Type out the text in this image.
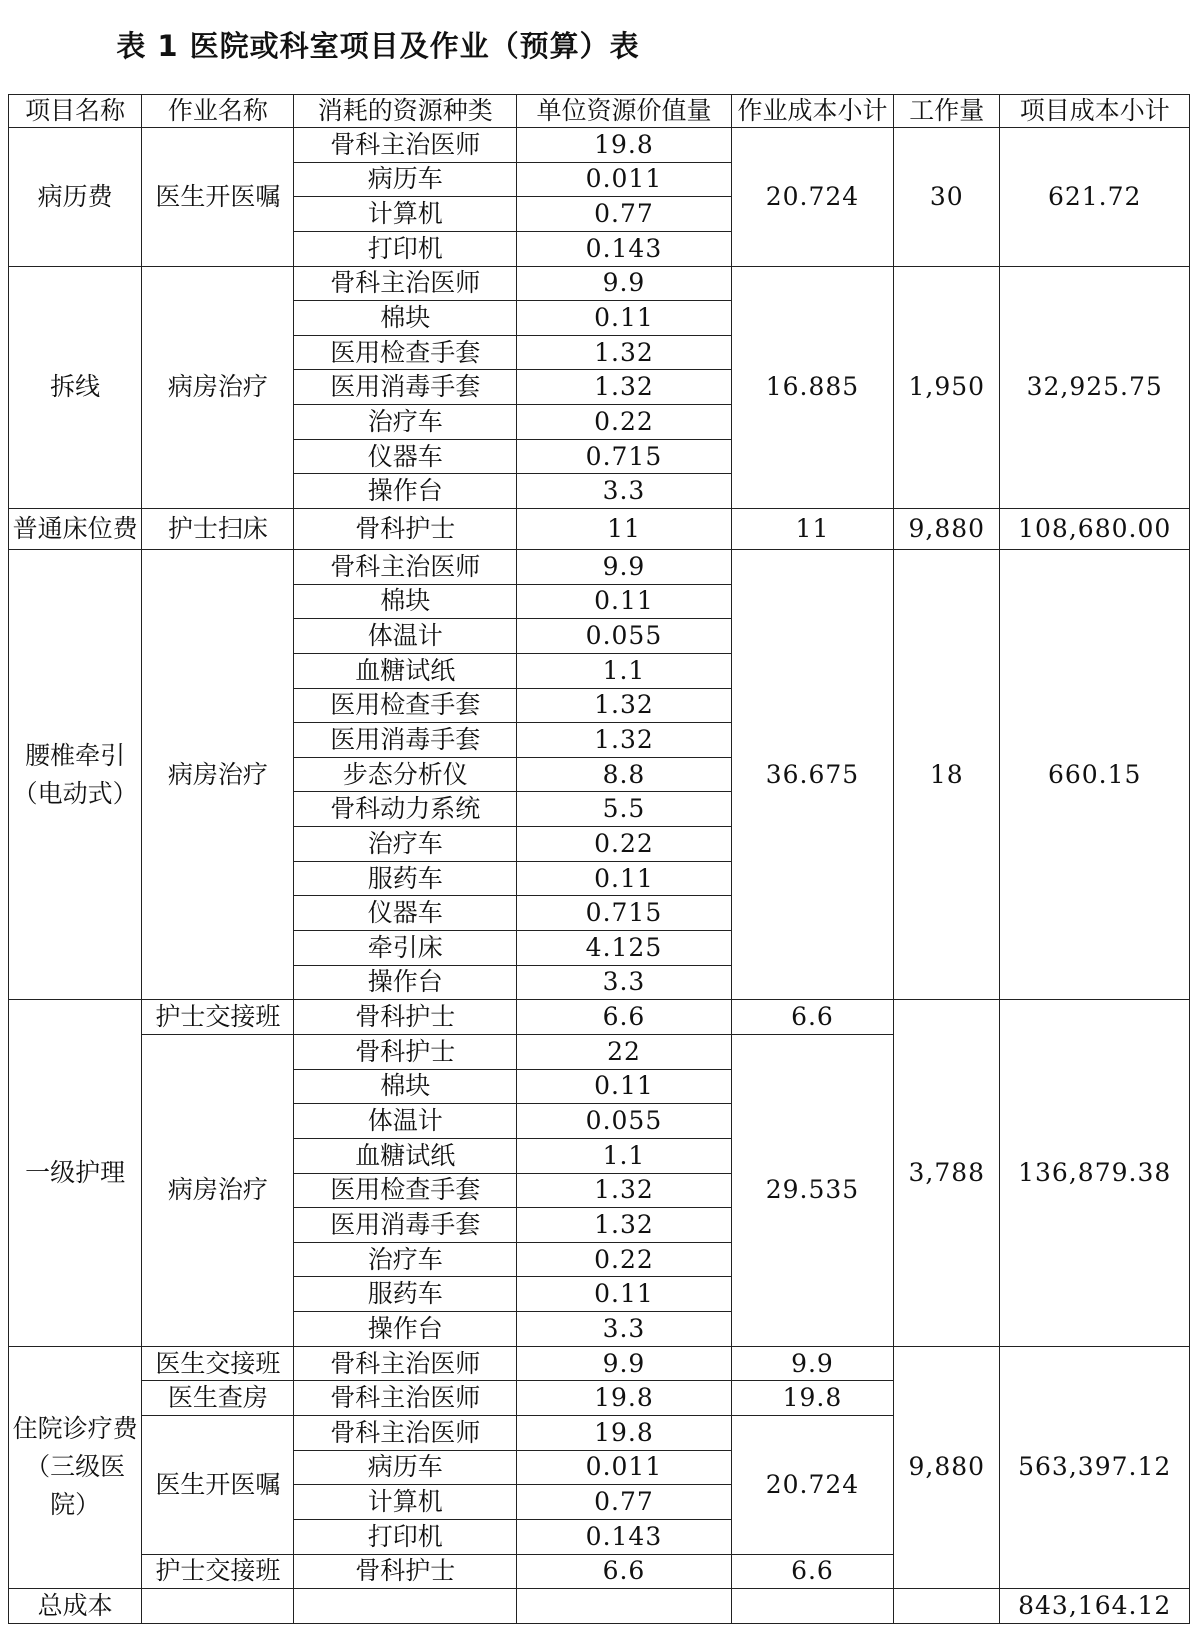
表 1 医院或科室项目及作业（预算）表
项目名称	作业名称	消耗的资源种类	单位资源价值量	作业成本小计	工作量	项目成本小计
病历费	医生开医嘱	骨科主治医师	19.8	20.724	30	621.72
		病历车	0.011			
		计算机	0.77			
		打印机	0.143			
拆线	病房治疗	骨科主治医师	9.9	16.885	1,950	32,925.75
		棉块	0.11			
		医用检查手套	1.32			
		医用消毒手套	1.32			
		治疗车	0.22			
		仪器车	0.715			
		操作台	3.3			
普通床位费	护士扫床	骨科护士	11	11	9,880	108,680.00
腰椎牵引（电动式）	病房治疗	骨科主治医师	9.9	36.675	18	660.15
		棉块	0.11			
		体温计	0.055			
		血糖试纸	1.1			
		医用检查手套	1.32			
		医用消毒手套	1.32			
		步态分析仪	8.8			
		骨科动力系统	5.5			
		治疗车	0.22			
		服药车	0.11			
		仪器车	0.715			
		牵引床	4.125			
		操作台	3.3			
一级护理	护士交接班	骨科护士	6.6	6.6	3,788	136,879.38
	病房治疗	骨科护士	22	29.535		
		棉块	0.11			
		体温计	0.055			
		血糖试纸	1.1			
		医用检查手套	1.32			
		医用消毒手套	1.32			
		治疗车	0.22			
		服药车	0.11			
		操作台	3.3			
住院诊疗费（三级医院）	医生交接班	骨科主治医师	9.9	9.9	9,880	563,397.12
	医生查房	骨科主治医师	19.8	19.8		
	医生开医嘱	骨科主治医师	19.8	20.724		
		病历车	0.011			
		计算机	0.77			
		打印机	0.143			
	护士交接班	骨科护士	6.6	6.6		
总成本						843,164.12
